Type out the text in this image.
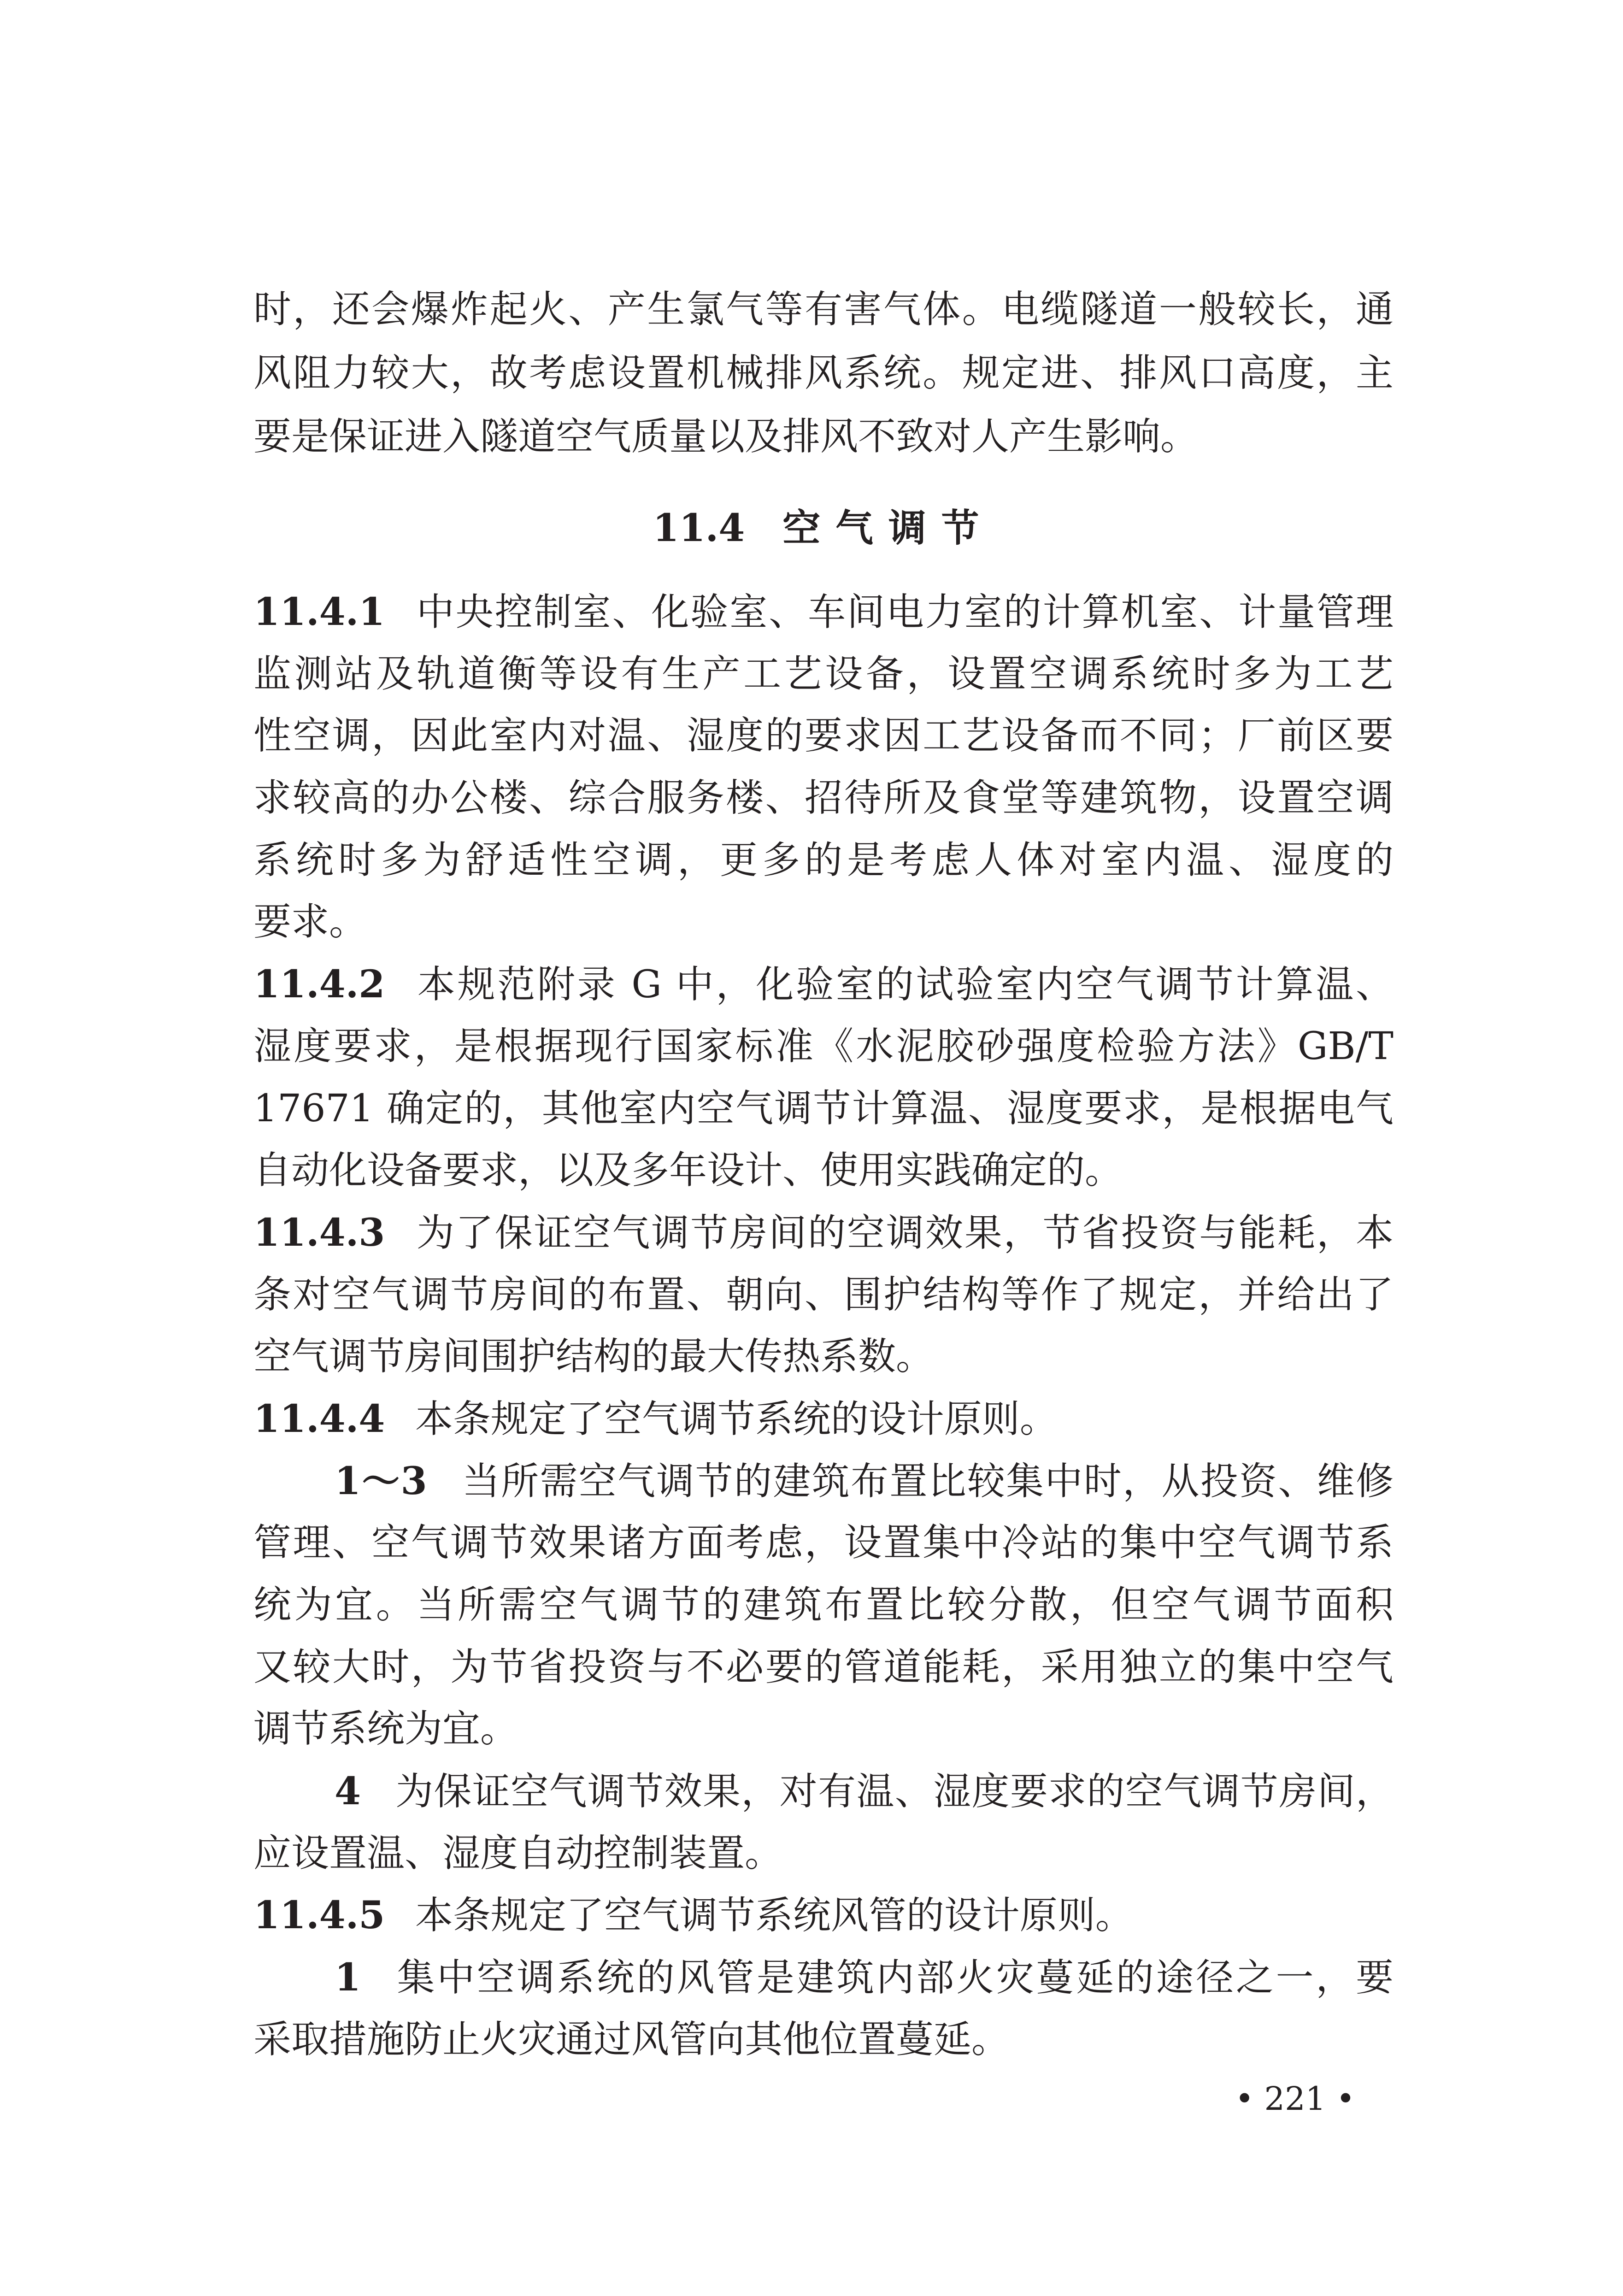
时，还会爆炸起火、产生氯气等有害气体。电缆隧道一般较长，通
风阻力较大，故考虑设置机械排风系统。规定进、排风口高度，主
要是保证进入隧道空气质量以及排风不致对人产生影响。
11.4 空气调节
11.4.1 中央控制室、化验室、车间电力室的计算机室、计量管理
监测站及轨道衡等设有生产工艺设备，设置空调系统时多为工艺
性空调，因此室内对温、湿度的要求因工艺设备而不同；厂前区要
求较高的办公楼、综合服务楼、招待所及食堂等建筑物，设置空调
系统时多为舒适性空调，更多的是考虑人体对室内温、湿度的
要求。
11.4.2 本规范附录 G 中，化验室的试验室内空气调节计算温、
湿度要求，是根据现行国家标准《水泥胶砂强度检验方法》GB/T
17671 确定的，其他室内空气调节计算温、湿度要求，是根据电气
自动化设备要求，以及多年设计、使用实践确定的。
11.4.3 为了保证空气调节房间的空调效果，节省投资与能耗，本
条对空气调节房间的布置、朝向、围护结构等作了规定，并给出了
空气调节房间围护结构的最大传热系数。
11.4.4 本条规定了空气调节系统的设计原则。
1～3 当所需空气调节的建筑布置比较集中时，从投资、维修
管理、空气调节效果诸方面考虑，设置集中冷站的集中空气调节系
统为宜。当所需空气调节的建筑布置比较分散，但空气调节面积
又较大时，为节省投资与不必要的管道能耗，采用独立的集中空气
调节系统为宜。
4 为保证空气调节效果，对有温、湿度要求的空气调节房间，
应设置温、湿度自动控制装置。
11.4.5 本条规定了空气调节系统风管的设计原则。
1 集中空调系统的风管是建筑内部火灾蔓延的途径之一，要
采取措施防止火灾通过风管向其他位置蔓延。
• 221 •
